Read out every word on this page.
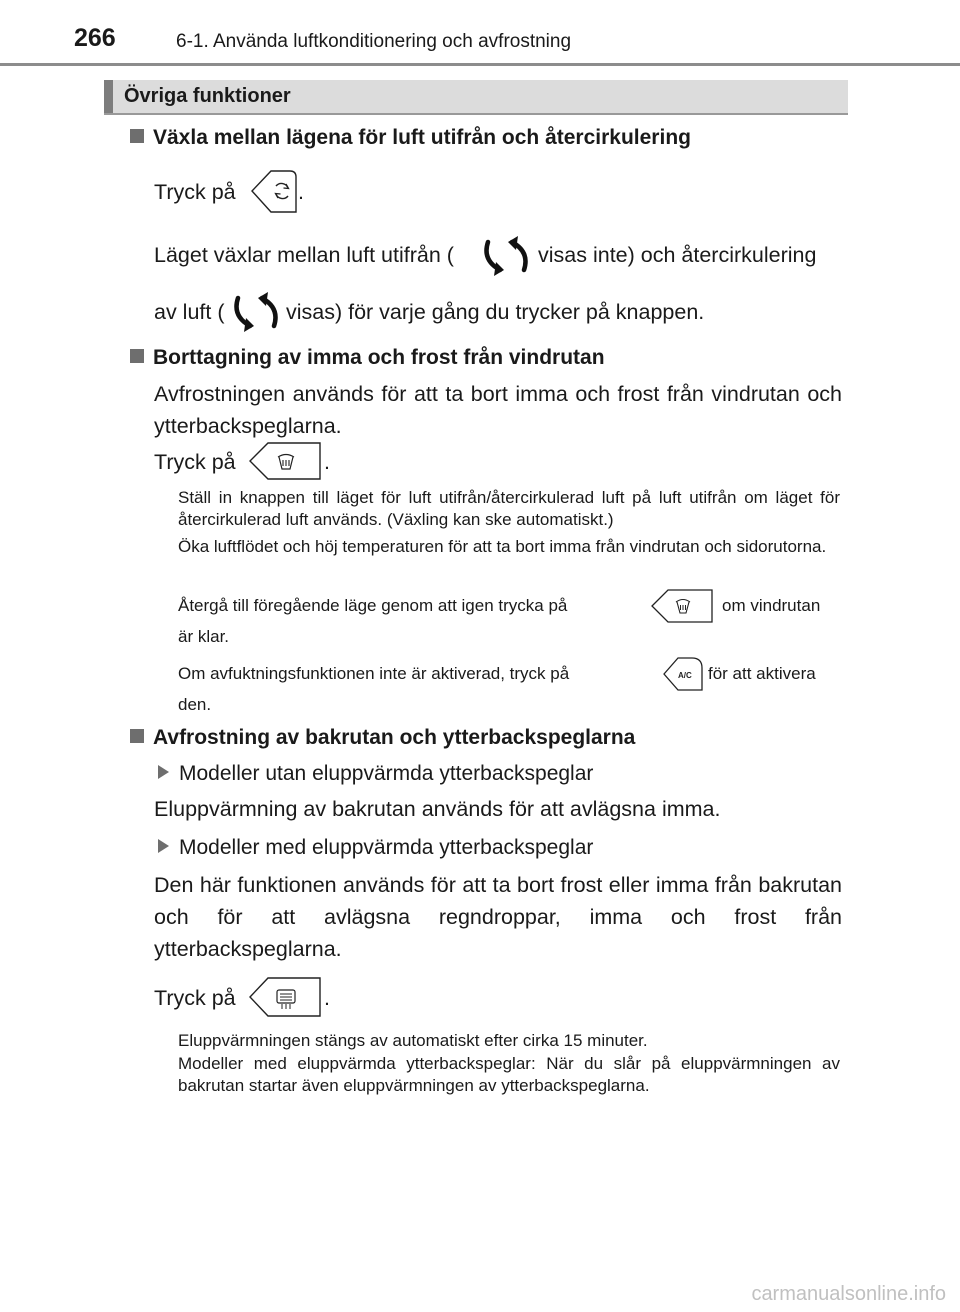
266	6-1. Använda luftkonditionering och avfrostning
Övriga funktioner
Växla mellan lägena för luft utifrån och återcirkulering
Tryck på	.
Läget växlar mellan luft utifrån (	visas inte) och återcirkulering
av luft (	visas) för varje gång du trycker på knappen.
Borttagning av imma och frost från vindrutan
Avfrostningen används för att ta bort imma och frost från vindrutan och ytterbackspeglarna.
Tryck på	.
Ställ in knappen till läget för luft utifrån/återcirkulerad luft på luft utifrån om läget för återcirkulerad luft används. (Växling kan ske automatiskt.)
Öka luftflödet och höj temperaturen för att ta bort imma från vindrutan och sidorutorna.
Återgå till föregående läge genom att igen trycka på	om vindrutan
är klar.
Om avfuktningsfunktionen inte är aktiverad, tryck på	A/C för att aktivera
den.
Avfrostning av bakrutan och ytterbackspeglarna
Modeller utan eluppvärmda ytterbackspeglar
Eluppvärmning av bakrutan används för att avlägsna imma.
Modeller med eluppvärmda ytterbackspeglar
Den här funktionen används för att ta bort frost eller imma från bakrutan och för att avlägsna regndroppar, imma och frost från ytterbackspeglarna.
Tryck på	.
Eluppvärmningen stängs av automatiskt efter cirka 15 minuter.
Modeller med eluppvärmda ytterbackspeglar: När du slår på eluppvärmningen av bakrutan startar även eluppvärmningen av ytterbackspeglarna.
carmanualsonline.info
